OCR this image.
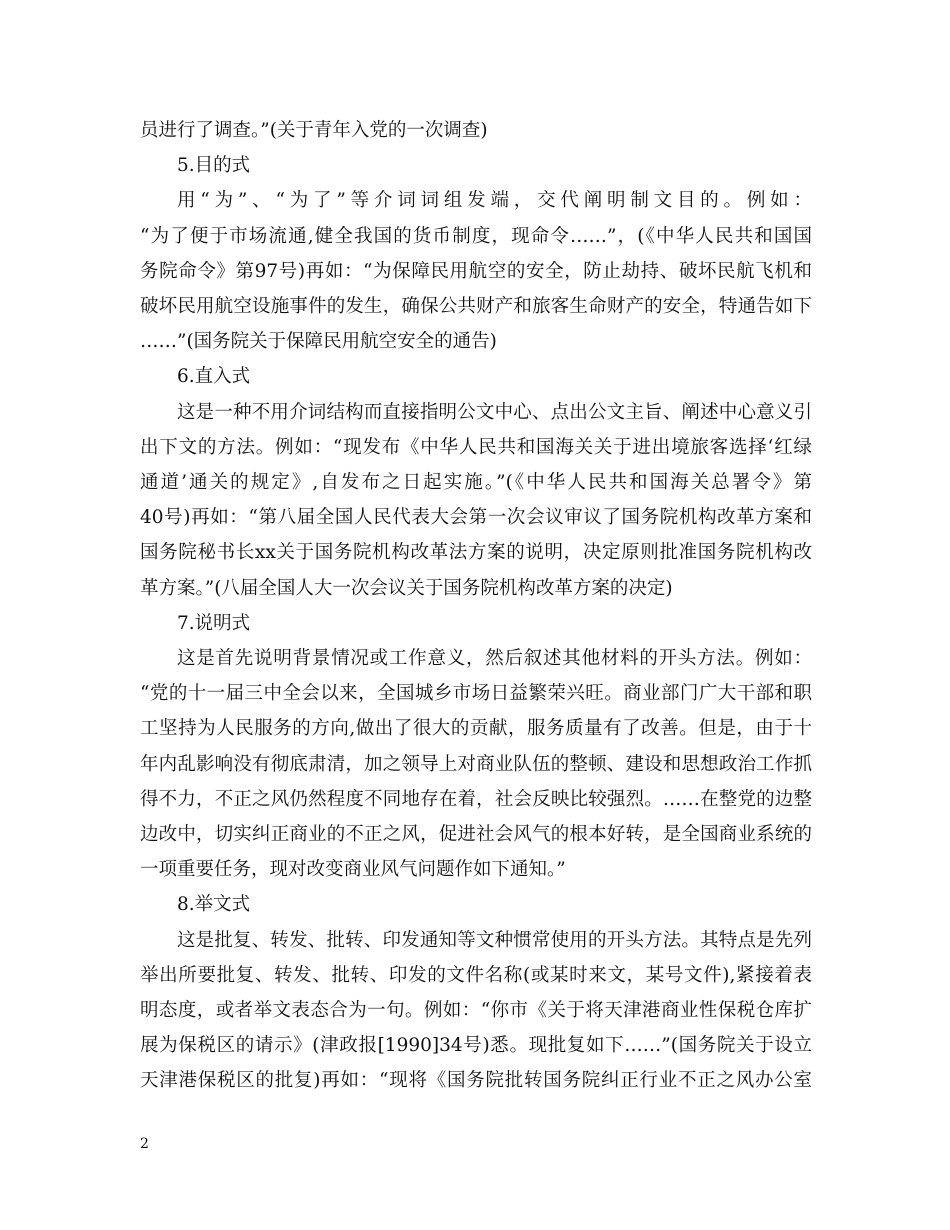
员进行了调查。”(关于青年入党的一次调查)
5.目的式
用“为”、“为了”等介词词组发端，交代阐明制文目的。例如：
“为了便于市场流通,健全我国的货币制度，现命令……”，(《中华人民共和国国
务院命令》第97号)再如：“为保障民用航空的安全，防止劫持、破坏民航飞机和
破坏民用航空设施事件的发生，确保公共财产和旅客生命财产的安全，特通告如下
……”(国务院关于保障民用航空安全的通告)
6.直入式
这是一种不用介词结构而直接指明公文中心、点出公文主旨、阐述中心意义引
出下文的方法。例如：“现发布《中华人民共和国海关关于进出境旅客选择‘红绿
通道’通关的规定》,自发布之日起实施。”(《中华人民共和国海关总署令》第
40号)再如：“第八届全国人民代表大会第一次会议审议了国务院机构改革方案和
国务院秘书长xx关于国务院机构改革法方案的说明，决定原则批准国务院机构改
革方案。”(八届全国人大一次会议关于国务院机构改革方案的决定)
7.说明式
这是首先说明背景情况或工作意义，然后叙述其他材料的开头方法。例如：
“党的十一届三中全会以来，全国城乡市场日益繁荣兴旺。商业部门广大干部和职
工坚持为人民服务的方向,做出了很大的贡献，服务质量有了改善。但是，由于十
年内乱影响没有彻底肃清，加之领导上对商业队伍的整顿、建设和思想政治工作抓
得不力，不正之风仍然程度不同地存在着，社会反映比较强烈。……在整党的边整
边改中，切实纠正商业的不正之风，促进社会风气的根本好转，是全国商业系统的
一项重要任务，现对改变商业风气问题作如下通知。”
8.举文式
这是批复、转发、批转、印发通知等文种惯常使用的开头方法。其特点是先列
举出所要批复、转发、批转、印发的文件名称(或某时来文，某号文件),紧接着表
明态度，或者举文表态合为一句。例如：“你市《关于将天津港商业性保税仓库扩
展为保税区的请示》(津政报[1990]34号)悉。现批复如下……”(国务院关于设立
天津港保税区的批复)再如：“现将《国务院批转国务院纠正行业不正之风办公室
2
